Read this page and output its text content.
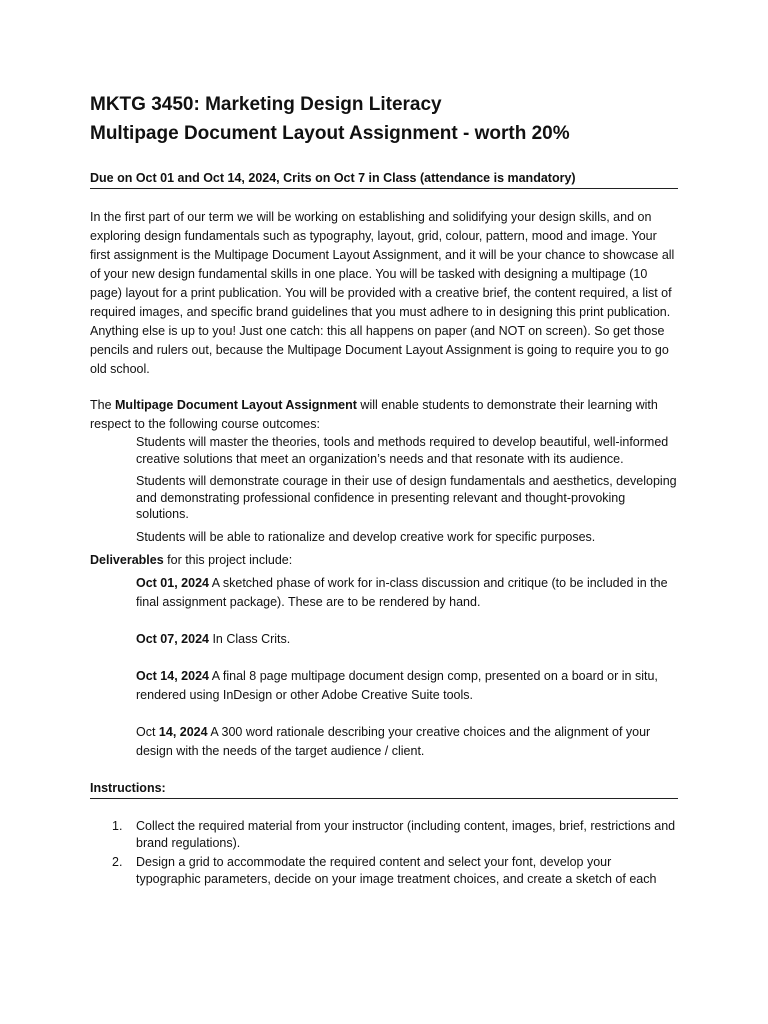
MKTG 3450: Marketing Design Literacy
Multipage Document Layout Assignment - worth 20%
Due on Oct 01 and Oct 14, 2024, Crits on Oct 7 in Class (attendance is mandatory)

In the first part of our term we will be working on establishing and solidifying your design skills, and on exploring design fundamentals such as typography, layout, grid, colour, pattern, mood and image. Your first assignment is the Multipage Document Layout Assignment, and it will be your chance to showcase all of your new design fundamental skills in one place. You will be tasked with designing a multipage (10 page) layout for a print publication. You will be provided with a creative brief, the content required, a list of required images, and specific brand guidelines that you must adhere to in designing this print publication. Anything else is up to you! Just one catch: this all happens on paper (and NOT on screen). So get those pencils and rulers out, because the Multipage Document Layout Assignment is going to require you to go old school.

The Multipage Document Layout Assignment will enable students to demonstrate their learning with respect to the following course outcomes:

Students will master the theories, tools and methods required to develop beautiful, well-informed creative solutions that meet an organization’s needs and that resonate with its audience.
Students will demonstrate courage in their use of design fundamentals and aesthetics, developing and demonstrating professional confidence in presenting relevant and thought-provoking solutions.
Students will be able to rationalize and develop creative work for specific purposes.

Deliverables for this project include:

Oct 01, 2024 A sketched phase of work for in-class discussion and critique (to be included in the final assignment package). These are to be rendered by hand.
Oct 07, 2024 In Class Crits.
Oct 14, 2024 A final 8 page multipage document design comp, presented on a board or in situ, rendered using InDesign or other Adobe Creative Suite tools.
Oct 14, 2024 A 300 word rationale describing your creative choices and the alignment of your design with the needs of the target audience / client.
Instructions:
1. Collect the required material from your instructor (including content, images, brief, restrictions and brand regulations).
2. Design a grid to accommodate the required content and select your font, develop your typographic parameters, decide on your image treatment choices, and create a sketch of each
